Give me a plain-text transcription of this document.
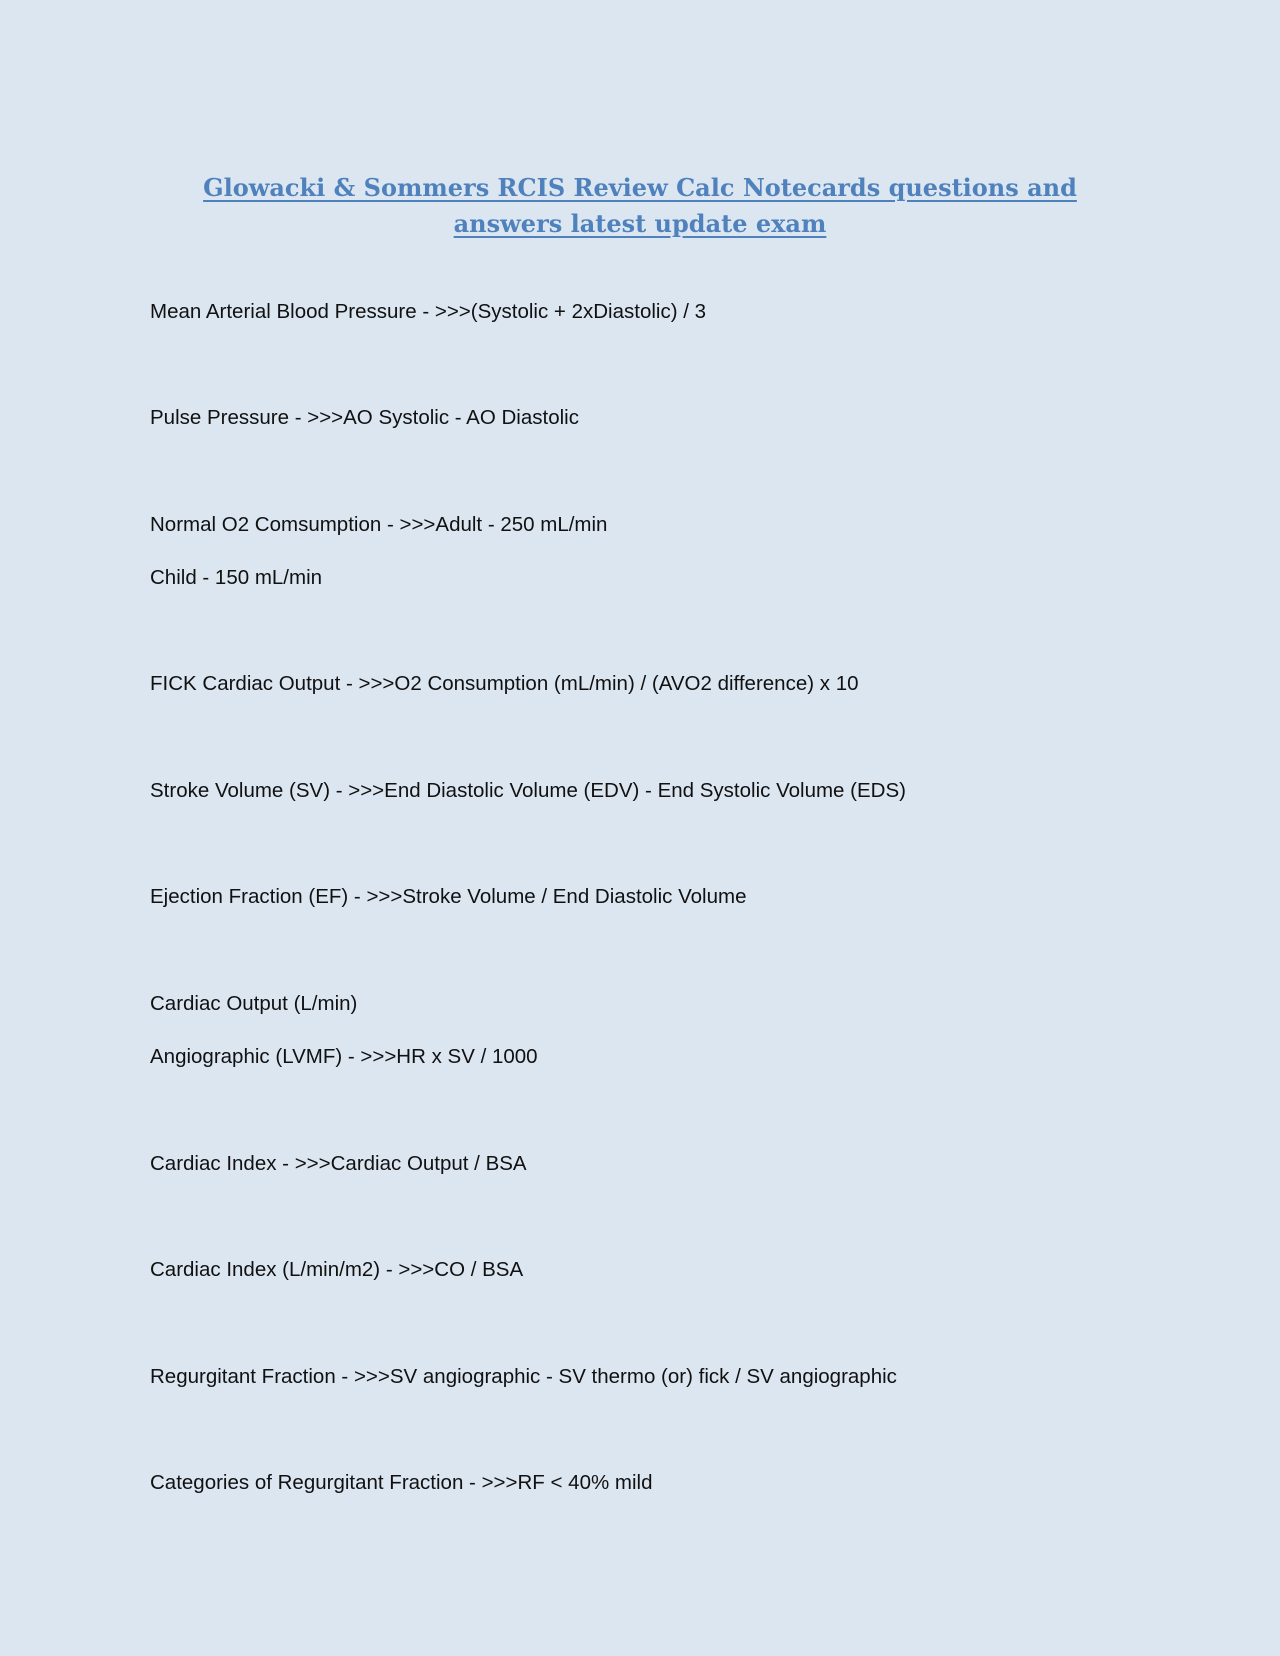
Glowacki & Sommers RCIS Review Calc Notecards questions and answers latest update exam

Mean Arterial Blood Pressure - >>>(Systolic + 2xDiastolic) / 3

Pulse Pressure - >>>AO Systolic - AO Diastolic

Normal O2 Comsumption - >>>Adult - 250 mL/min

Child - 150 mL/min

FICK Cardiac Output - >>>O2 Consumption (mL/min) / (AVO2 difference) x 10

Stroke Volume (SV) - >>>End Diastolic Volume (EDV) - End Systolic Volume (EDS)

Ejection Fraction (EF) - >>>Stroke Volume / End Diastolic Volume

Cardiac Output (L/min)

Angiographic (LVMF) - >>>HR x SV / 1000

Cardiac Index - >>>Cardiac Output / BSA

Cardiac Index (L/min/m2) - >>>CO / BSA

Regurgitant Fraction - >>>SV angiographic - SV thermo (or) fick / SV angiographic

Categories of Regurgitant Fraction - >>>RF < 40% mild
